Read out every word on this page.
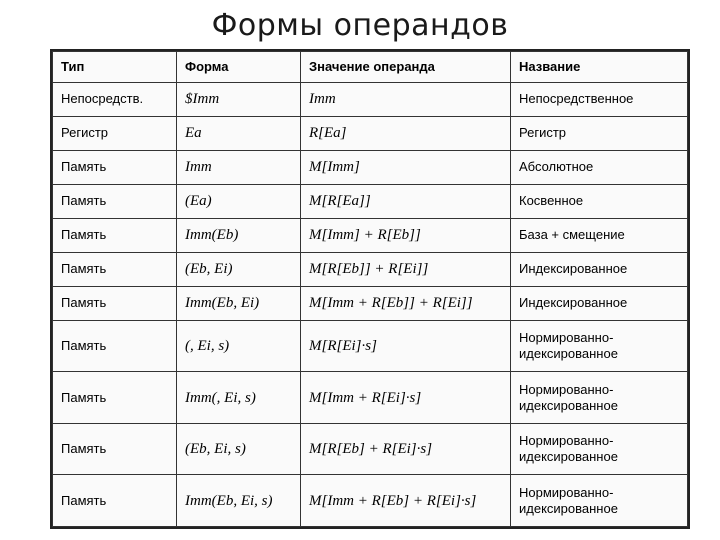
Формы операндов
Тип	Форма	Значение операнда	Название
Непосредств.	$Imm	Imm	Непосредственное
Регистр	Ea	R[Ea]	Регистр
Память	Imm	M[Imm]	Абсолютное
Память	(Ea)	M[R[Ea]]	Косвенное
Память	Imm(Eb)	M[Imm] + R[Eb]]	База + смещение
Память	(Eb, Ei)	M[R[Eb]] + R[Ei]]	Индексированное
Память	Imm(Eb, Ei)	M[Imm + R[Eb]] + R[Ei]]	Индексированное
Память	(, Ei, s)	M[R[Ei]·s]	Нормированно-
идексированное
Память	Imm(, Ei, s)	M[Imm + R[Ei]·s]	Нормированно-
идексированное
Память	(Eb, Ei, s)	M[R[Eb] + R[Ei]·s]	Нормированно-
идексированное
Память	Imm(Eb, Ei, s)	M[Imm + R[Eb] + R[Ei]·s]	Нормированно-
идексированное
